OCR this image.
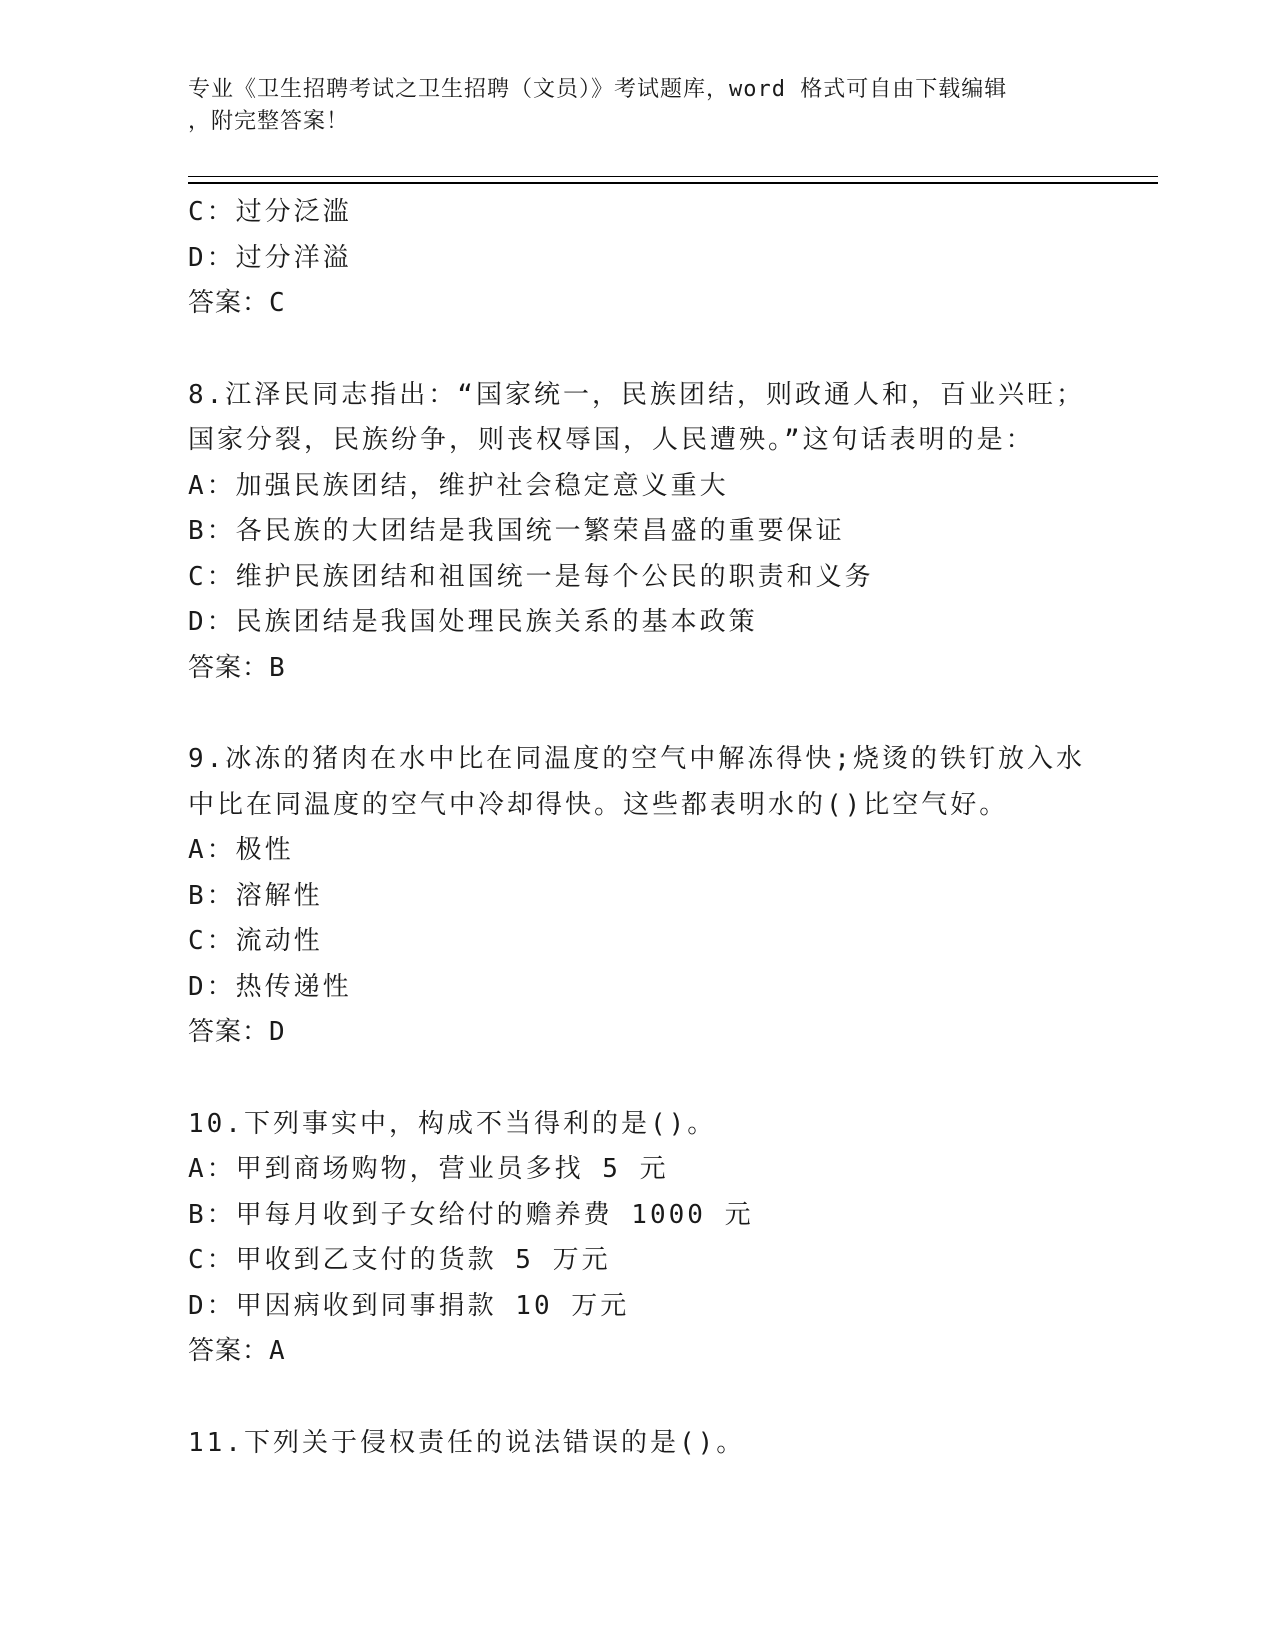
专业《卫生招聘考试之卫生招聘（文员）》考试题库，word 格式可自由下载编辑
，附完整答案！
C：过分泛滥
D：过分洋溢
答案：C
8.江泽民同志指出：“国家统一，民族团结，则政通人和，百业兴旺；
国家分裂，民族纷争，则丧权辱国，人民遭殃。”这句话表明的是：
A：加强民族团结，维护社会稳定意义重大
B：各民族的大团结是我国统一繁荣昌盛的重要保证
C：维护民族团结和祖国统一是每个公民的职责和义务
D：民族团结是我国处理民族关系的基本政策
答案：B
9.冰冻的猪肉在水中比在同温度的空气中解冻得快;烧烫的铁钉放入水
中比在同温度的空气中冷却得快。这些都表明水的()比空气好。
A：极性
B：溶解性
C：流动性
D：热传递性
答案：D
10.下列事实中，构成不当得利的是()。
A：甲到商场购物，营业员多找 5 元
B：甲每月收到子女给付的赡养费 1000 元
C：甲收到乙支付的货款 5 万元
D：甲因病收到同事捐款 10 万元
答案：A
11.下列关于侵权责任的说法错误的是()。
